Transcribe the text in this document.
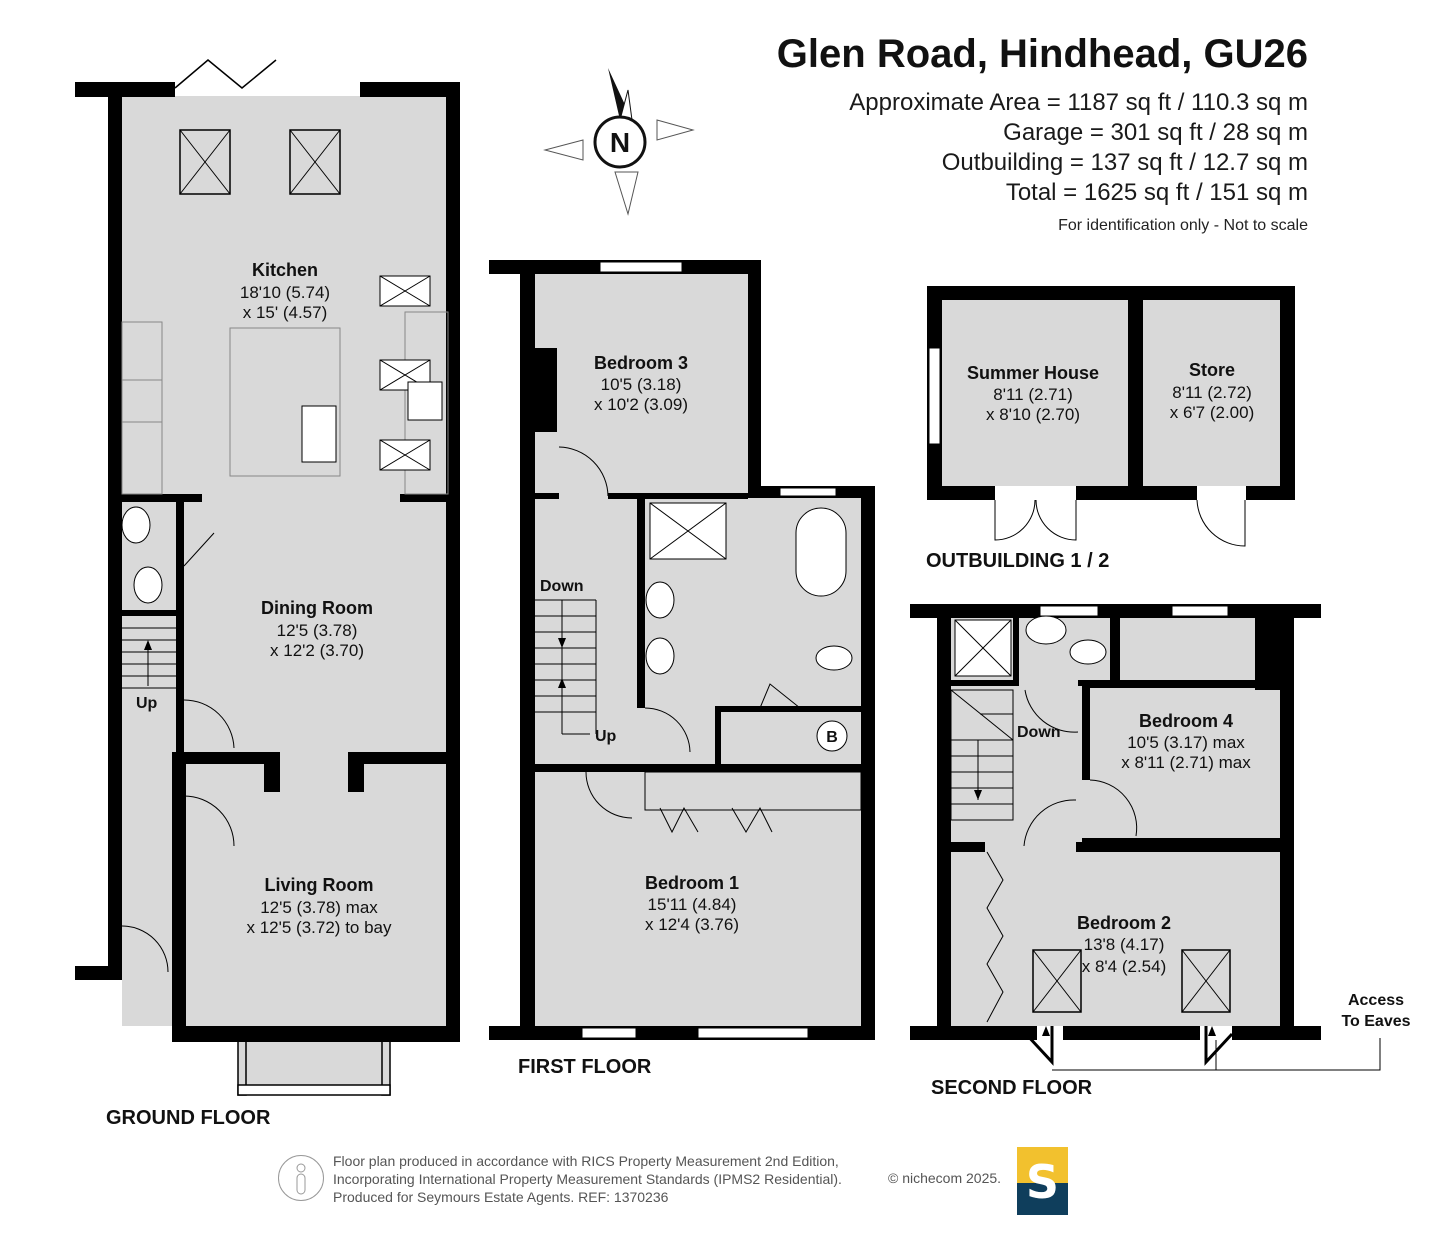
Glen Road, Hindhead, GU26
Approximate Area = 1187 sq ft / 110.3 sq m
Garage = 301 sq ft / 28 sq m
Outbuilding = 137 sq ft / 12.7 sq m
Total = 1625 sq ft / 151 sq m
For identification only - Not to scale
N
B
Kitchen
18'10 (5.74)
x 15' (4.57)
Dining Room
12'5 (3.78)
x 12'2 (3.70)
Living Room
12'5 (3.78) max
x 12'5 (3.72) to bay
Bedroom 3
10'5 (3.18)
x 10'2 (3.09)
Bedroom 1
15'11 (4.84)
x 12'4 (3.76)
Summer House
8'11 (2.71)
x 8'10 (2.70)
Store
8'11 (2.72)
x 6'7 (2.00)
Bedroom 4
10'5 (3.17) max
x 8'11 (2.71) max
Bedroom 2
13'8 (4.17)
x 8'4 (2.54)
Up
Down
Up	Down
Access
To Eaves
GROUND FLOOR
FIRST FLOOR
SECOND FLOOR
OUTBUILDING 1 / 2
Floor plan produced in accordance with RICS Property Measurement 2nd Edition,
Incorporating International Property Measurement Standards (IPMS2 Residential).
Produced for Seymours Estate Agents. REF: 1370236
© nichecom 2025. S
